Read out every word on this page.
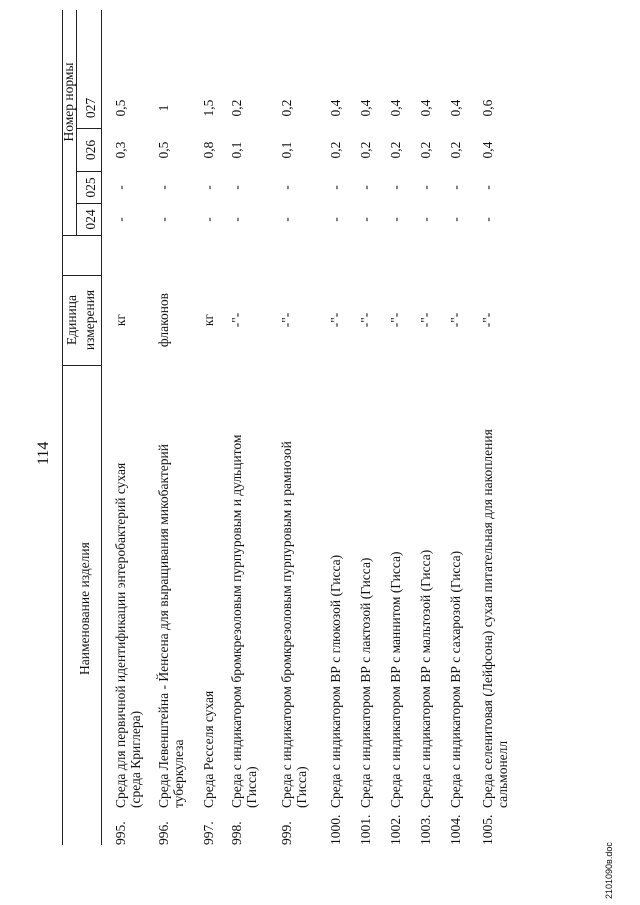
114
Наименование изделия
Единица измерения
Номер нормы
024
025
026
027
995.
Среда для первичной идентификации энтеробактерий сухая
(среда Криглера)
кг
-
-
0,3
0,5
996.
Среда Левенштейна - Йенсена для выращивания микобактерий
туберкулеза
флаконов
-
-
0,5
1
997.
Среда Ресселя сухая
кг
-
-
0,8
1,5
998.
Среда с индикатором бромкрезоловым пурпуровым и дульцитом
(Гисса)
-"-
-
-
0,1
0,2
999.
Среда с индикатором бромкрезоловым пурпуровым и рамнозой
(Гисса)
-"-
-
-
0,1
0,2
1000.
Среда с индикатором ВР с глюкозой (Гисса)
-"-
-
-
0,2
0,4
1001.
Среда с индикатором ВР с лактозой (Гисса)
-"-
-
-
0,2
0,4
1002.
Среда с индикатором ВР с маннитом (Гисса)
-"-
-
-
0,2
0,4
1003.
Среда с индикатором ВР с мальтозой (Гисса)
-"-
-
-
0,2
0,4
1004.
Среда с индикатором ВР с сахарозой (Гисса)
-"-
-
-
0,2
0,4
1005.
Среда селенитовая (Лейфсона) сухая питательная для накопления
сальмонелл
-"-
-
-
0,4
0,6
2101090в.doc
